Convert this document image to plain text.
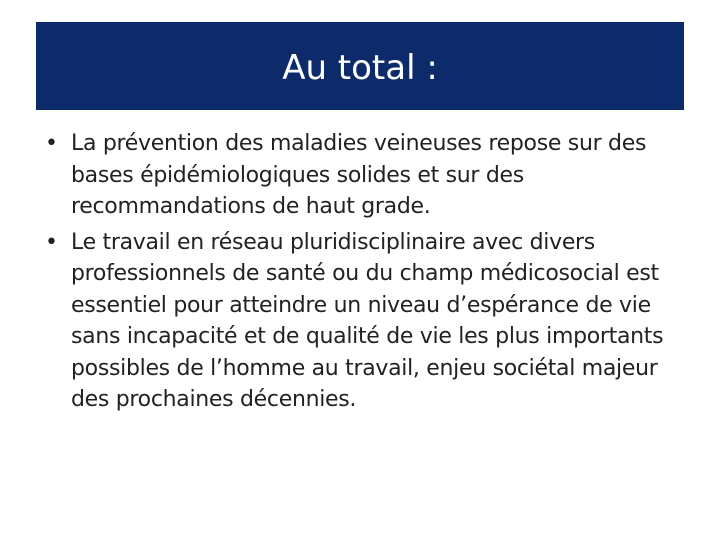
Au total :
• La prévention des maladies veineuses repose sur des bases épidémiologiques solides et sur des recommandations de haut grade.
• Le travail en réseau pluridisciplinaire avec divers professionnels de santé ou du champ médicosocial est essentiel pour atteindre un niveau d’espérance de vie sans incapacité et de qualité de vie les plus importants possibles de l’homme au travail, enjeu sociétal majeur des prochaines décennies.
